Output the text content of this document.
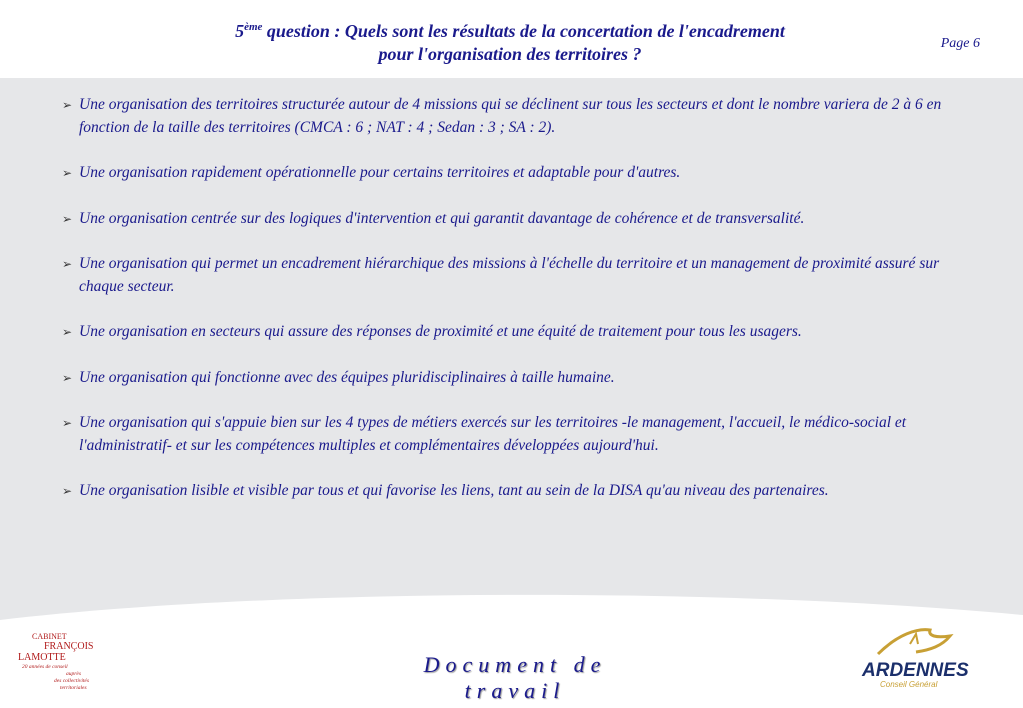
5ème question : Quels sont les résultats de la concertation de l'encadrement
pour l'organisation des territoires ?
Page 6
➢ Une organisation des territoires structurée autour de 4 missions qui se déclinent sur tous les secteurs et dont le nombre variera de 2 à 6 en fonction de la taille des territoires (CMCA : 6 ; NAT : 4 ; Sedan : 3 ; SA : 2).
➢ Une organisation rapidement opérationnelle pour certains territoires et adaptable pour d'autres.
➢ Une organisation centrée sur des logiques d'intervention et qui garantit davantage de cohérence et de transversalité.
➢ Une organisation qui permet un encadrement hiérarchique des missions à l'échelle du territoire et un management de proximité assuré sur chaque secteur.
➢ Une organisation en secteurs qui assure des réponses de proximité et une équité de traitement pour tous les usagers.
➢ Une organisation qui fonctionne avec des équipes pluridisciplinaires à taille humaine.
➢ Une organisation qui s'appuie bien sur les 4 types de métiers exercés sur les territoires -le management, l'accueil, le médico-social et l'administratif- et sur les compétences multiples et complémentaires développées aujourd'hui.
➢ Une organisation lisible et visible par tous et qui favorise les liens, tant au sein de la DISA qu'au niveau des partenaires.
Document de travail
CABINET
FRANÇOIS
LAMOTTE
20 années de conseil
auprès
des collectivités
territoriales
ARDENNES
Conseil Général
